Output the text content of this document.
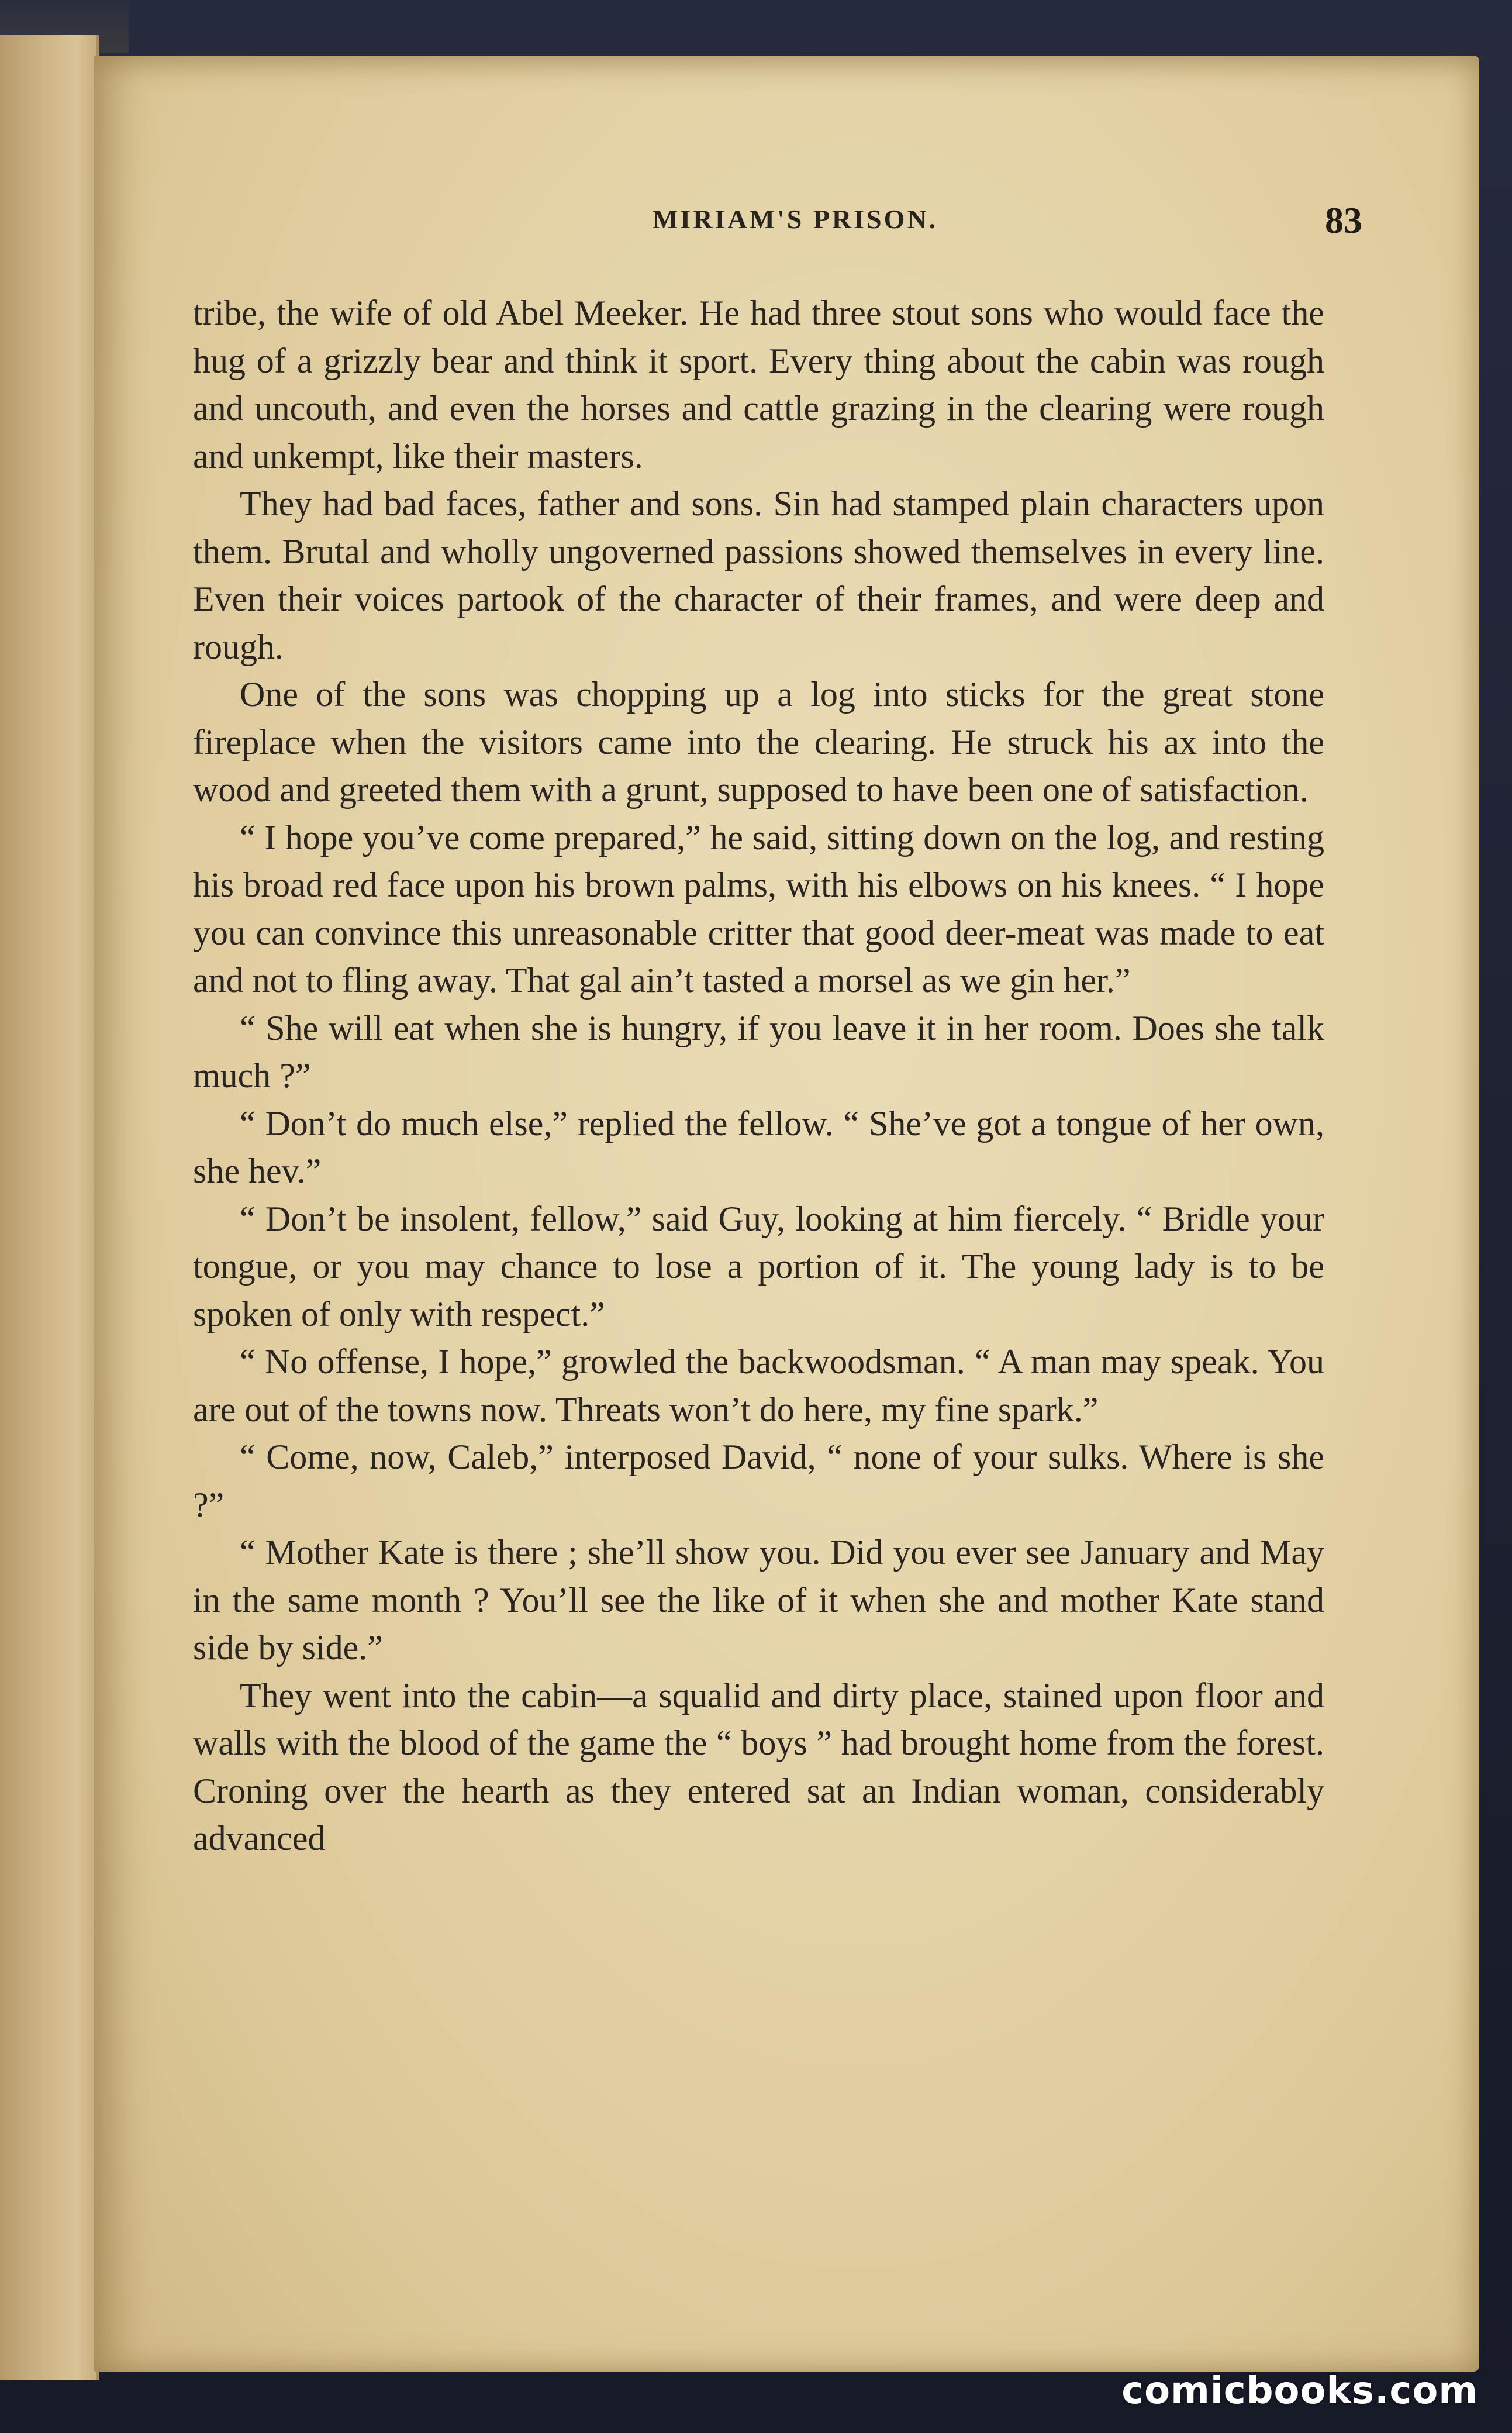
MIRIAM'S PRISON.	83

tribe, the wife of old Abel Meeker. He had three stout sons who would face the hug of a grizzly bear and think it sport. Every thing about the cabin was rough and uncouth, and even the horses and cattle grazing in the clearing were rough and unkempt, like their masters.

They had bad faces, father and sons. Sin had stamped plain characters upon them. Brutal and wholly ungoverned passions showed themselves in every line. Even their voices partook of the character of their frames, and were deep and rough.

One of the sons was chopping up a log into sticks for the great stone fireplace when the visitors came into the clearing. He struck his ax into the wood and greeted them with a grunt, supposed to have been one of satisfaction.

“ I hope you’ve come prepared,” he said, sitting down on the log, and resting his broad red face upon his brown palms, with his elbows on his knees. “ I hope you can convince this unreasonable critter that good deer-meat was made to eat and not to fling away. That gal ain’t tasted a morsel as we gin her.”

“ She will eat when she is hungry, if you leave it in her room. Does she talk much ?”

“ Don’t do much else,” replied the fellow. “ She’ve got a tongue of her own, she hev.”

“ Don’t be insolent, fellow,” said Guy, looking at him fiercely. “ Bridle your tongue, or you may chance to lose a portion of it. The young lady is to be spoken of only with respect.”

“ No offense, I hope,” growled the backwoodsman. “ A man may speak. You are out of the towns now. Threats won’t do here, my fine spark.”

“ Come, now, Caleb,” interposed David, “ none of your sulks. Where is she ?”

“ Mother Kate is there ; she’ll show you. Did you ever see January and May in the same month ? You’ll see the like of it when she and mother Kate stand side by side.”

They went into the cabin—a squalid and dirty place, stained upon floor and walls with the blood of the game the “ boys ” had brought home from the forest. Croning over the hearth as they entered sat an Indian woman, considerably advanced

comicbooks.com
